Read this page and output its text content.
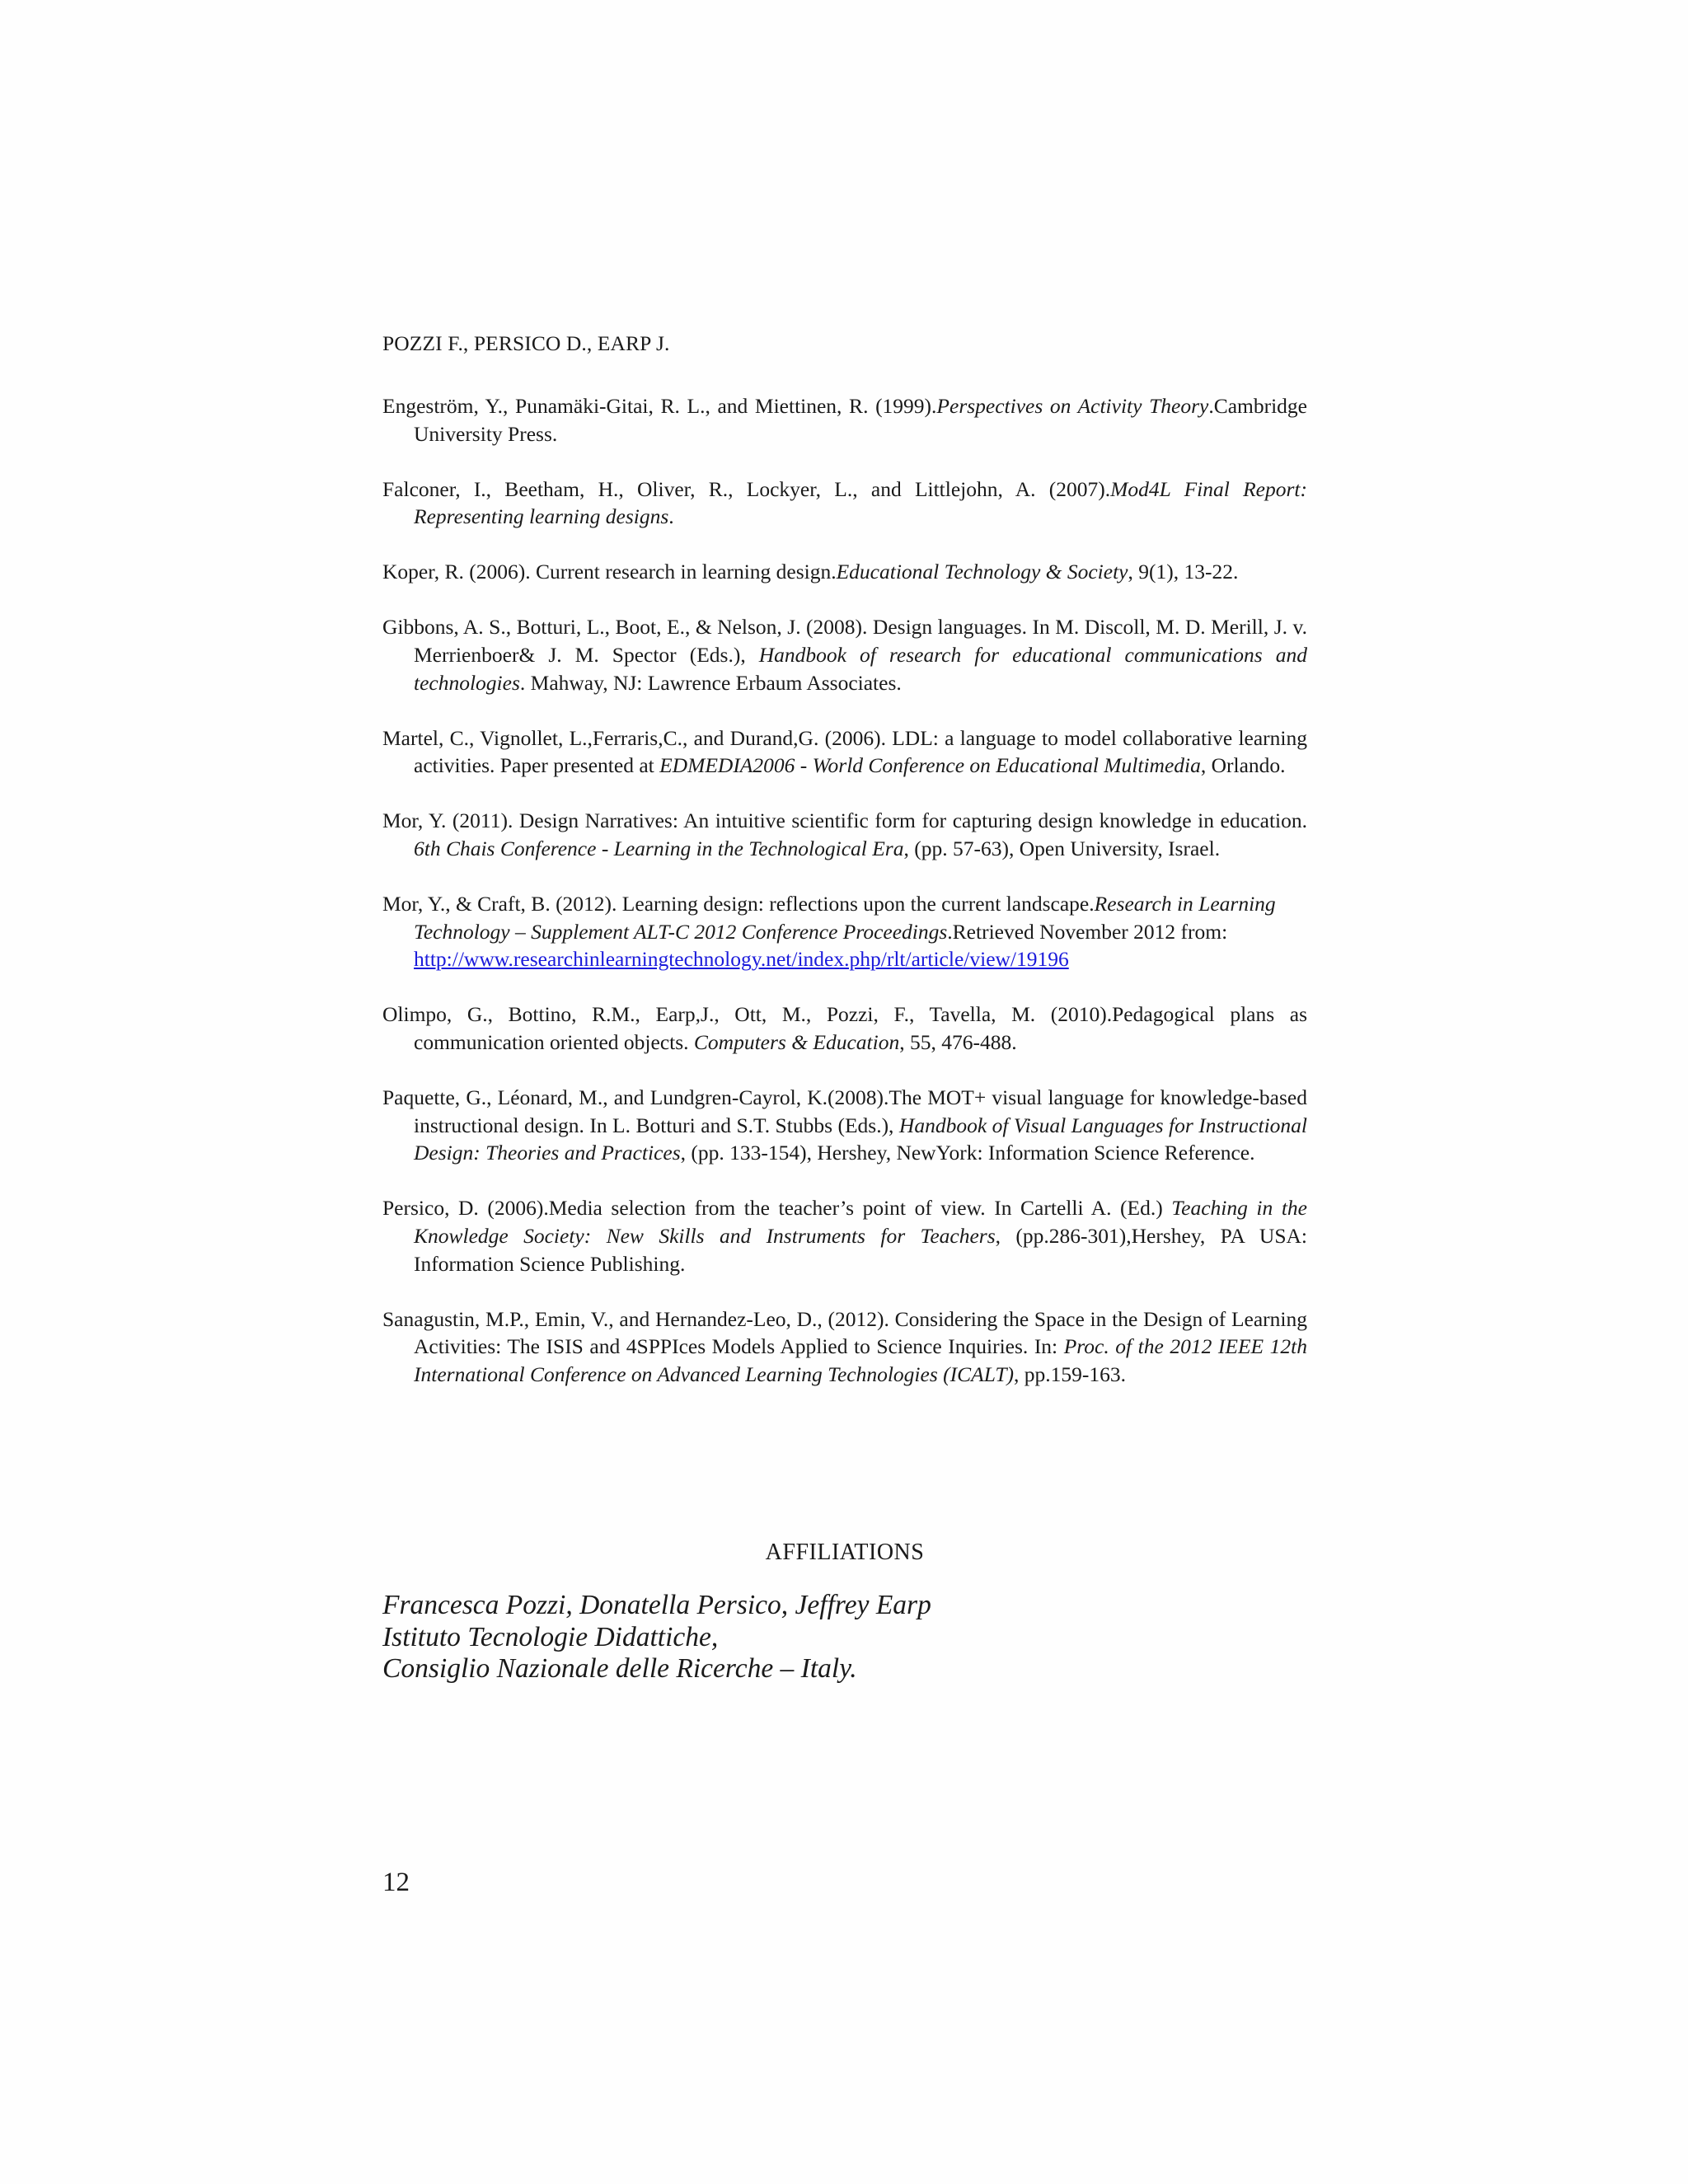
POZZI F., PERSICO D., EARP J.

Engeström, Y., Punamäki-Gitai, R. L., and Miettinen, R. (1999).Perspectives on Activity Theory.Cambridge University Press.

Falconer, I., Beetham, H., Oliver, R., Lockyer, L., and Littlejohn, A. (2007).Mod4L Final Report: Representing learning designs.

Koper, R. (2006). Current research in learning design.Educational Technology & Society, 9(1), 13-22.

Gibbons, A. S., Botturi, L., Boot, E., & Nelson, J. (2008). Design languages. In M. Discoll, M. D. Merill, J. v. Merrienboer& J. M. Spector (Eds.), Handbook of research for educational communications and technologies. Mahway, NJ: Lawrence Erbaum Associates.

Martel, C., Vignollet, L.,Ferraris,C., and Durand,G. (2006). LDL: a language to model collaborative learning activities. Paper presented at EDMEDIA2006 - World Conference on Educational Multimedia, Orlando.

Mor, Y. (2011). Design Narratives: An intuitive scientific form for capturing design knowledge in education. 6th Chais Conference - Learning in the Technological Era, (pp. 57-63), Open University, Israel.

Mor, Y., & Craft, B. (2012). Learning design: reflections upon the current landscape.Research in Learning Technology – Supplement ALT-C 2012 Conference Proceedings.Retrieved November 2012 from: http://www.researchinlearningtechnology.net/index.php/rlt/article/view/19196

Olimpo, G., Bottino, R.M., Earp,J., Ott, M., Pozzi, F., Tavella, M. (2010).Pedagogical plans as communication oriented objects. Computers & Education, 55, 476-488.

Paquette, G., Léonard, M., and Lundgren-Cayrol, K.(2008).The MOT+ visual language for knowledge-based instructional design. In L. Botturi and S.T. Stubbs (Eds.), Handbook of Visual Languages for Instructional Design: Theories and Practices, (pp. 133-154), Hershey, NewYork: Information Science Reference.

Persico, D. (2006).Media selection from the teacher’s point of view. In Cartelli A. (Ed.) Teaching in the Knowledge Society: New Skills and Instruments for Teachers, (pp.286-301),Hershey, PA USA: Information Science Publishing.

Sanagustin, M.P., Emin, V., and Hernandez-Leo, D., (2012). Considering the Space in the Design of Learning Activities: The ISIS and 4SPPIces Models Applied to Science Inquiries. In: Proc. of the 2012 IEEE 12th International Conference on Advanced Learning Technologies (ICALT), pp.159-163.

AFFILIATIONS
Francesca Pozzi, Donatella Persico, Jeffrey Earp
Istituto Tecnologie Didattiche,
Consiglio Nazionale delle Ricerche – Italy.
12
